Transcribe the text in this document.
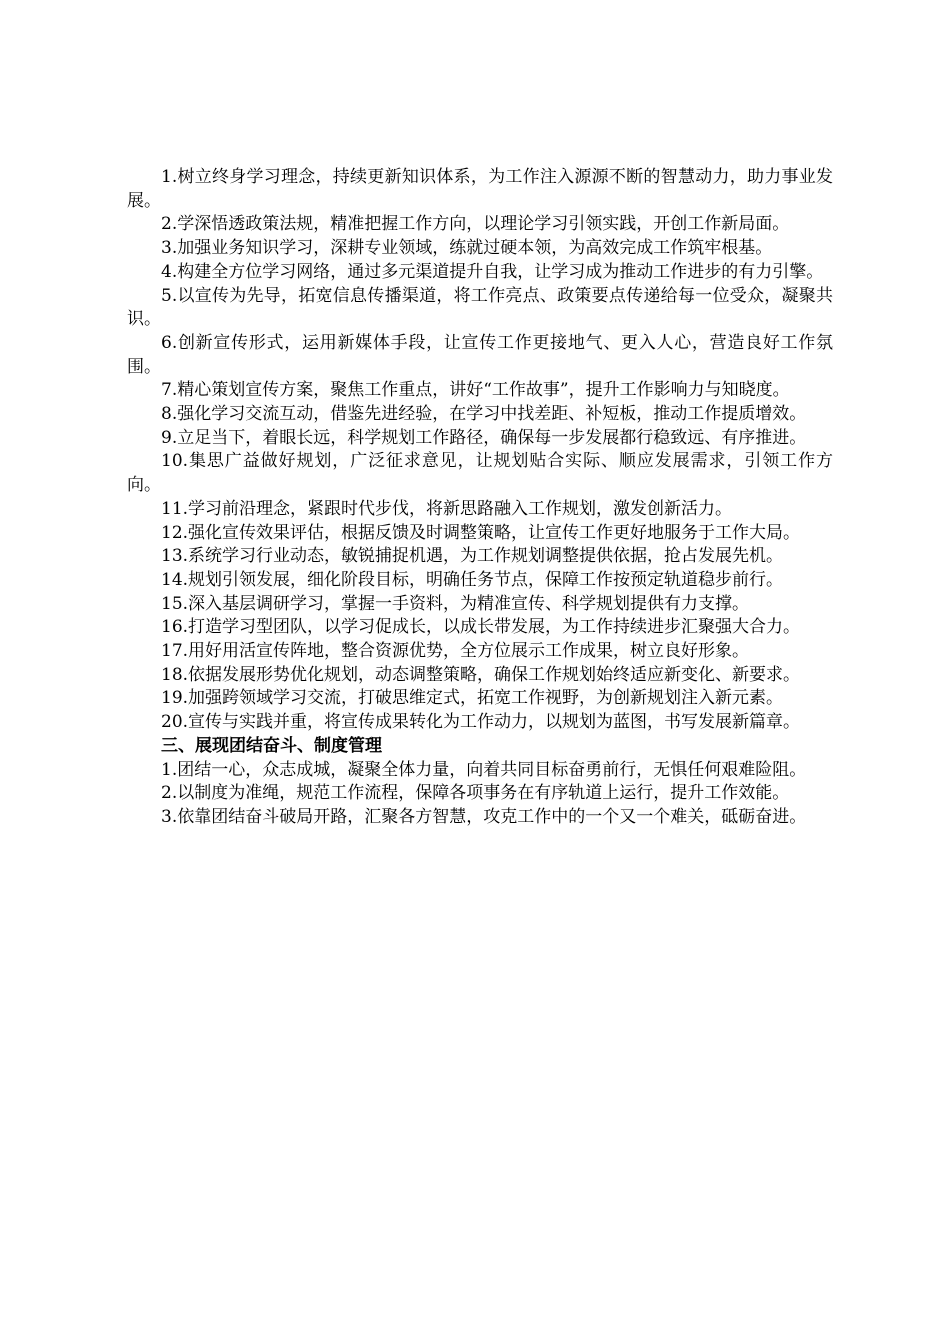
1.树立终身学习理念，持续更新知识体系，为工作注入源源不断的智慧动力，助力事业发展。

2.学深悟透政策法规，精准把握工作方向，以理论学习引领实践，开创工作新局面。

3.加强业务知识学习，深耕专业领域，练就过硬本领，为高效完成工作筑牢根基。

4.构建全方位学习网络，通过多元渠道提升自我，让学习成为推动工作进步的有力引擎。

5.以宣传为先导，拓宽信息传播渠道，将工作亮点、政策要点传递给每一位受众，凝聚共识。

6.创新宣传形式，运用新媒体手段，让宣传工作更接地气、更入人心，营造良好工作氛围。

7.精心策划宣传方案，聚焦工作重点，讲好“工作故事”，提升工作影响力与知晓度。

8.强化学习交流互动，借鉴先进经验，在学习中找差距、补短板，推动工作提质增效。

9.立足当下，着眼长远，科学规划工作路径，确保每一步发展都行稳致远、有序推进。

10.集思广益做好规划，广泛征求意见，让规划贴合实际、顺应发展需求，引领工作方向。

11.学习前沿理念，紧跟时代步伐，将新思路融入工作规划，激发创新活力。

12.强化宣传效果评估，根据反馈及时调整策略，让宣传工作更好地服务于工作大局。

13.系统学习行业动态，敏锐捕捉机遇，为工作规划调整提供依据，抢占发展先机。

14.规划引领发展，细化阶段目标，明确任务节点，保障工作按预定轨道稳步前行。

15.深入基层调研学习，掌握一手资料，为精准宣传、科学规划提供有力支撑。

16.打造学习型团队，以学习促成长，以成长带发展，为工作持续进步汇聚强大合力。

17.用好用活宣传阵地，整合资源优势，全方位展示工作成果，树立良好形象。

18.依据发展形势优化规划，动态调整策略，确保工作规划始终适应新变化、新要求。

19.加强跨领域学习交流，打破思维定式，拓宽工作视野，为创新规划注入新元素。

20.宣传与实践并重，将宣传成果转化为工作动力，以规划为蓝图，书写发展新篇章。

三、展现团结奋斗、制度管理

1.团结一心，众志成城，凝聚全体力量，向着共同目标奋勇前行，无惧任何艰难险阻。

2.以制度为准绳，规范工作流程，保障各项事务在有序轨道上运行，提升工作效能。

3.依靠团结奋斗破局开路，汇聚各方智慧，攻克工作中的一个又一个难关，砥砺奋进。
